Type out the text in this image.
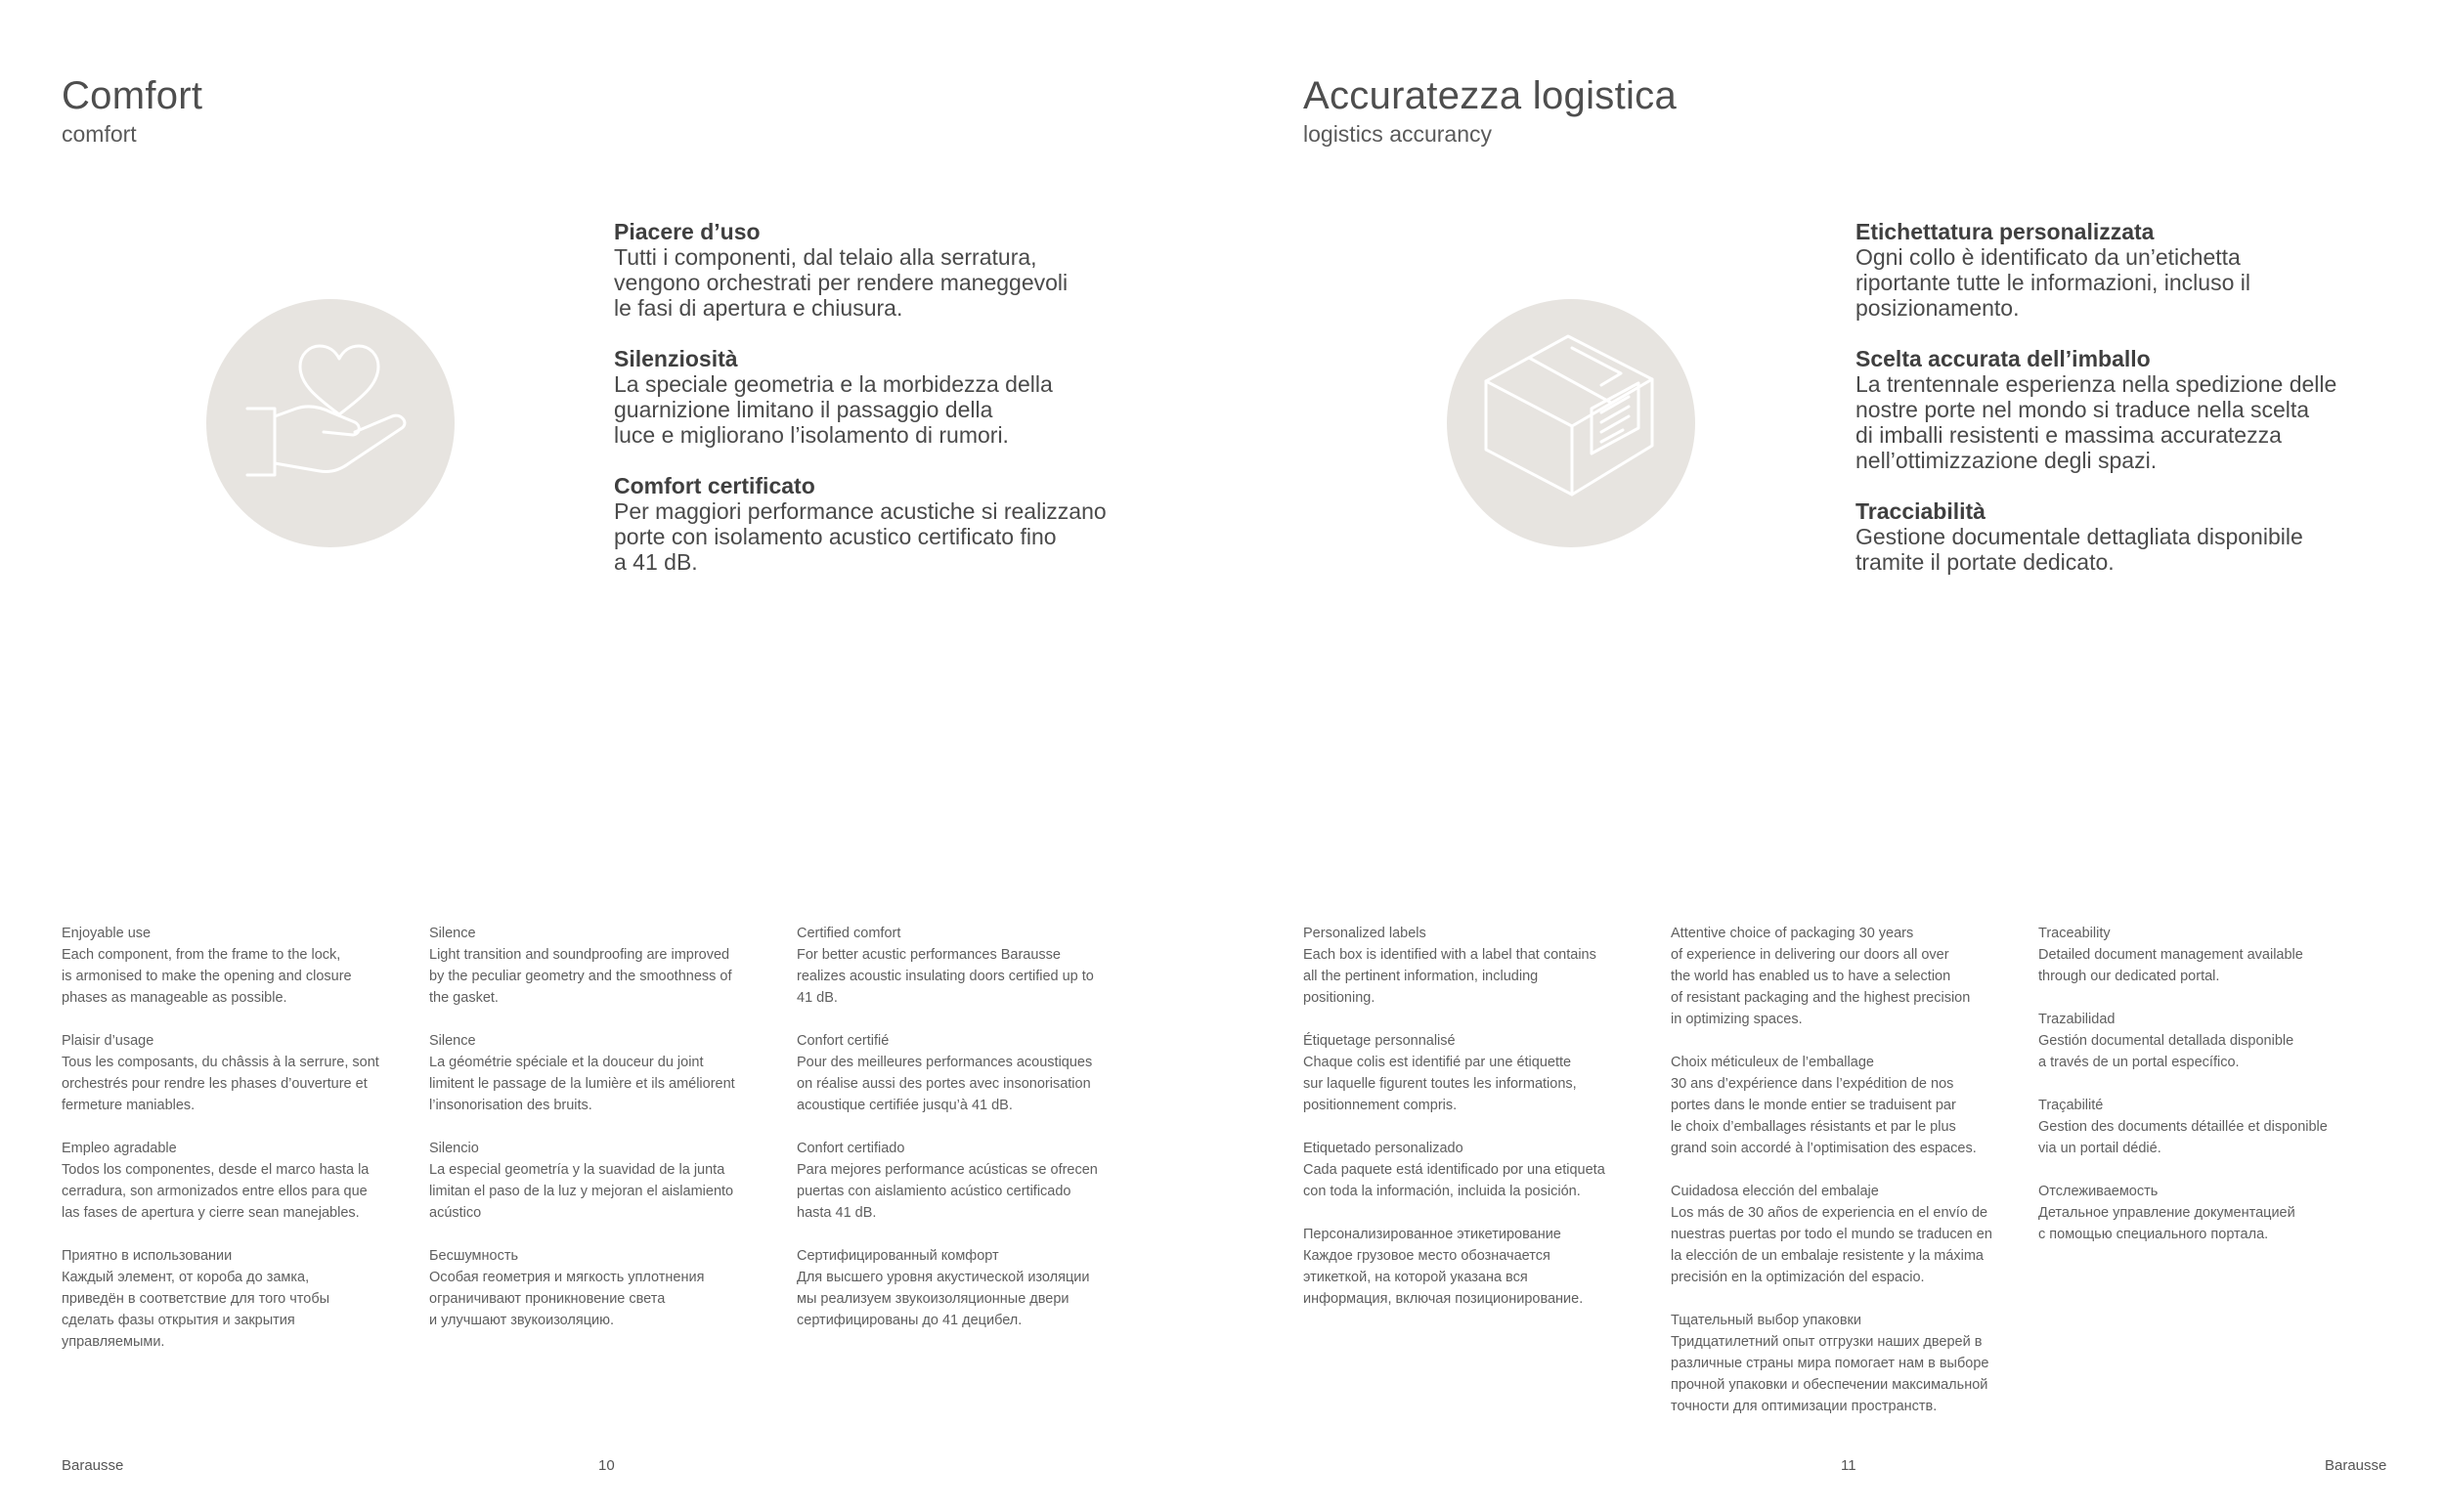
Comfort
comfort
Piacere d’uso
Tutti i componenti, dal telaio alla serratura,
vengono orchestrati per rendere maneggevoli
le fasi di apertura e chiusura.
Silenziosità
La speciale geometria e la morbidezza della
guarnizione limitano il passaggio della
luce e migliorano l’isolamento di rumori.
Comfort certificato
Per maggiori performance acustiche si realizzano
porte con isolamento acustico certificato fino
a 41 dB.
Enjoyable use
Each component, from the frame to the lock,
is armonised to make the opening and closure
phases as manageable as possible.
Plaisir d’usage
Tous les composants, du châssis à la serrure, sont
orchestrés pour rendre les phases d’ouverture et
fermeture maniables.
Empleo agradable
Todos los componentes, desde el marco hasta la
cerradura, son armonizados entre ellos para que
las fases de apertura y cierre sean manejables.
Приятно в использовании
Каждый элемент, от короба до замка,
приведён в соответствие для того чтобы
сделать фазы открытия и закрытия
управляемыми.
Silence
Light transition and soundproofing are improved
by the peculiar geometry and the smoothness of
the gasket.
Silence
La géométrie spéciale et la douceur du joint
limitent le passage de la lumière et ils améliorent
l’insonorisation des bruits.
Silencio
La especial geometría y la suavidad de la junta
limitan el paso de la luz y mejoran el aislamiento
acústico
Бесшумность
Особая геометрия и мягкость уплотнения
ограничивают проникновение света
и улучшают звукоизоляцию.
Certified comfort
For better acustic performances Barausse
realizes acoustic insulating doors certified up to
41 dB.
Confort certifié
Pour des meilleures performances acoustiques
on réalise aussi des portes avec insonorisation
acoustique certifiée jusqu’à 41 dB.
Confort certifiado
Para mejores performance acústicas se ofrecen
puertas con aislamiento acústico certificado
hasta 41 dB.
Сертифицированный комфорт
Для высшего уровня акустической изоляции
мы реализуем звукоизоляционные двери
сертифицированы до 41 децибел.
Barausse	10
Accuratezza logistica
logistics accurancy
Etichettatura personalizzata
Ogni collo è identificato da un’etichetta
riportante tutte le informazioni, incluso il
posizionamento.
Scelta accurata dell’imballo
La trentennale esperienza nella spedizione delle
nostre porte nel mondo si traduce nella scelta
di imballi resistenti e massima accuratezza
nell’ottimizzazione degli spazi.
Tracciabilità
Gestione documentale dettagliata disponibile
tramite il portate dedicato.
Personalized labels
Each box is identified with a label that contains
all the pertinent information, including
positioning.
Étiquetage personnalisé
Chaque colis est identifié par une étiquette
sur laquelle figurent toutes les informations,
positionnement compris.
Etiquetado personalizado
Cada paquete está identificado por una etiqueta
con toda la información, incluida la posición.
Персонализированное этикетирование
Каждое грузовое место обозначается
этикеткой, на которой указана вся
информация, включая позиционирование.
Attentive choice of packaging 30 years
of experience in delivering our doors all over
the world has enabled us to have a selection
of resistant packaging and the highest precision
in optimizing spaces.
Choix méticuleux de l’emballage
30 ans d’expérience dans l’expédition de nos
portes dans le monde entier se traduisent par
le choix d’emballages résistants et par le plus
grand soin accordé à l’optimisation des espaces.
Cuidadosa elección del embalaje
Los más de 30 años de experiencia en el envío de
nuestras puertas por todo el mundo se traducen en
la elección de un embalaje resistente y la máxima
precisión en la optimización del espacio.
Тщательный выбор упаковки
Тридцатилетний опыт отгрузки наших дверей в
различные страны мира помогает нам в выборе
прочной упаковки и обеспечении максимальной
точности для оптимизации пространств.
Traceability
Detailed document management available
through our dedicated portal.
Trazabilidad
Gestión documental detallada disponible
a través de un portal específico.
Traçabilité
Gestion des documents détaillée et disponible
via un portail dédié.
Отслеживаемость
Детальное управление документацией
с помощью специального портала.
11	Barausse
